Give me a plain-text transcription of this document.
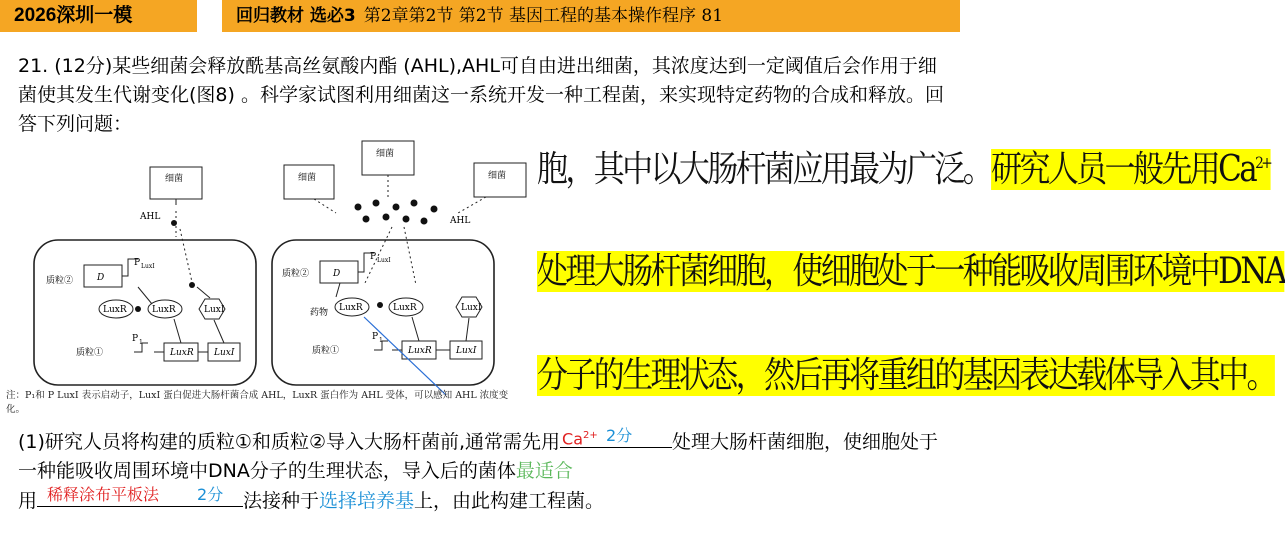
2026深圳一模	回归教材 选必3 第2章第2节 第2节 基因工程的基本操作程序 81
21. (12分)某些细菌会释放酰基高丝氨酸内酯 (AHL),AHL可自由进出细菌，其浓度达到一定阈值后会作用于细菌使其发生代谢变化(图8) 。科学家试图利用细菌这一系统开发一种工程菌，来实现特定药物的合成和释放。回答下列问题：
细菌
AHL
质粒②	D
P LuxI
LuxR	LuxR	LuxI
P 1
LuxR LuxI
质粒①
细菌
细菌
细菌
AHL
质粒②	D
P LuxI
LuxR
药物	LuxR	LuxI
P 1
LuxR	LuxI
质粒①
注：P₁和 P LuxI 表示启动子，LuxI 蛋白促进大肠杆菌合成 AHL，LuxR 蛋白作为 AHL 受体，可以感知 AHL 浓度变化。
胞，其中以大肠杆菌应用最为广泛。研究人员一般先用$Ca^{2+}$
处理大肠杆菌细胞，使细胞处于一种能吸收周围环境中DNA
分子的生理状态，然后再将重组的基因表达载体导入其中。
(1)研究人员将构建的质粒①和质粒②导入大肠杆菌前,通常需先用 $Ca^{2+}$ 2分 处理大肠杆菌细胞，使细胞处于一种能吸收周围环境中DNA分子的生理状态，导入后的菌体最适合
用 稀释涂布平板法 2分 法接种于选择培养基上，由此构建工程菌。
